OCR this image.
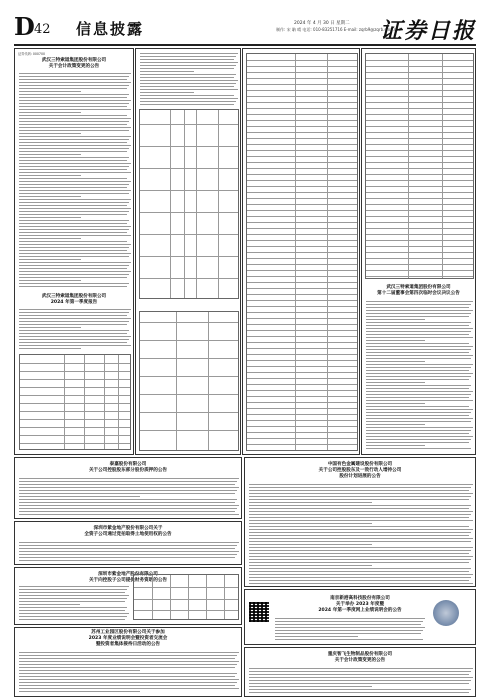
D 42 信息披露	2024 年 4 月 30 日 星期二
制作: 宋 聃 晴 电话: 010-83251716 E-mail: zqrb9@zqrb.sina.net
证券日报
证券代码: 000700
武汉三特索道集团股份有限公司
关于会计政策变更的公告
武汉三特索道集团股份有限公司
2024 年第一季度报告
武汉三特索道集团股份有限公司
第十二届董事会第四次临时会议决议公告
泰嘉股份有限公司
关于公司控股股东部分股份质押的公告
深圳市紫金地产股份有限公司关于
全资子公司通过竞拍取得土地使用权的公告
深圳市紫金地产股份有限公司
关于向控股子公司提供财务资助的公告
苏州工业园区股份有限公司关于参加
2023 年度业绩说明会暨投资者交流会
暨投资者集体接待日活动的公告
中国有色金属建设股份有限公司
关于公司控股股东及一致行动人增持公司
股份计划进展的公告
南京新港高科技股份有限公司
关于举办 2023 年度暨
2024 年第一季度网上业绩说明会的公告
重庆智飞生物制品股份有限公司
关于会计政策变更的公告
